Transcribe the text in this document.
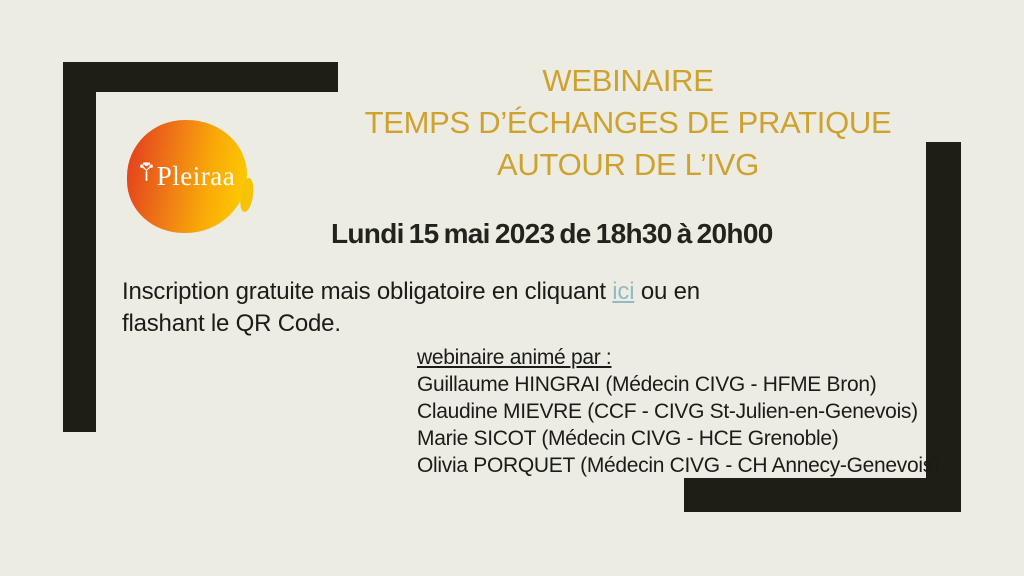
Pleiraa
WEBINAIRE
TEMPS D’ÉCHANGES DE PRATIQUE
AUTOUR DE L’IVG
Lundi 15 mai 2023 de 18h30 à 20h00
Inscription gratuite mais obligatoire en cliquant ici ou en
flashant le QR Code.
webinaire animé par :
Guillaume HINGRAI (Médecin CIVG - HFME Bron)
Claudine MIEVRE (CCF - CIVG St-Julien-en-Genevois)
Marie SICOT (Médecin CIVG - HCE Grenoble)
Olivia PORQUET (Médecin CIVG - CH Annecy-Genevois)
